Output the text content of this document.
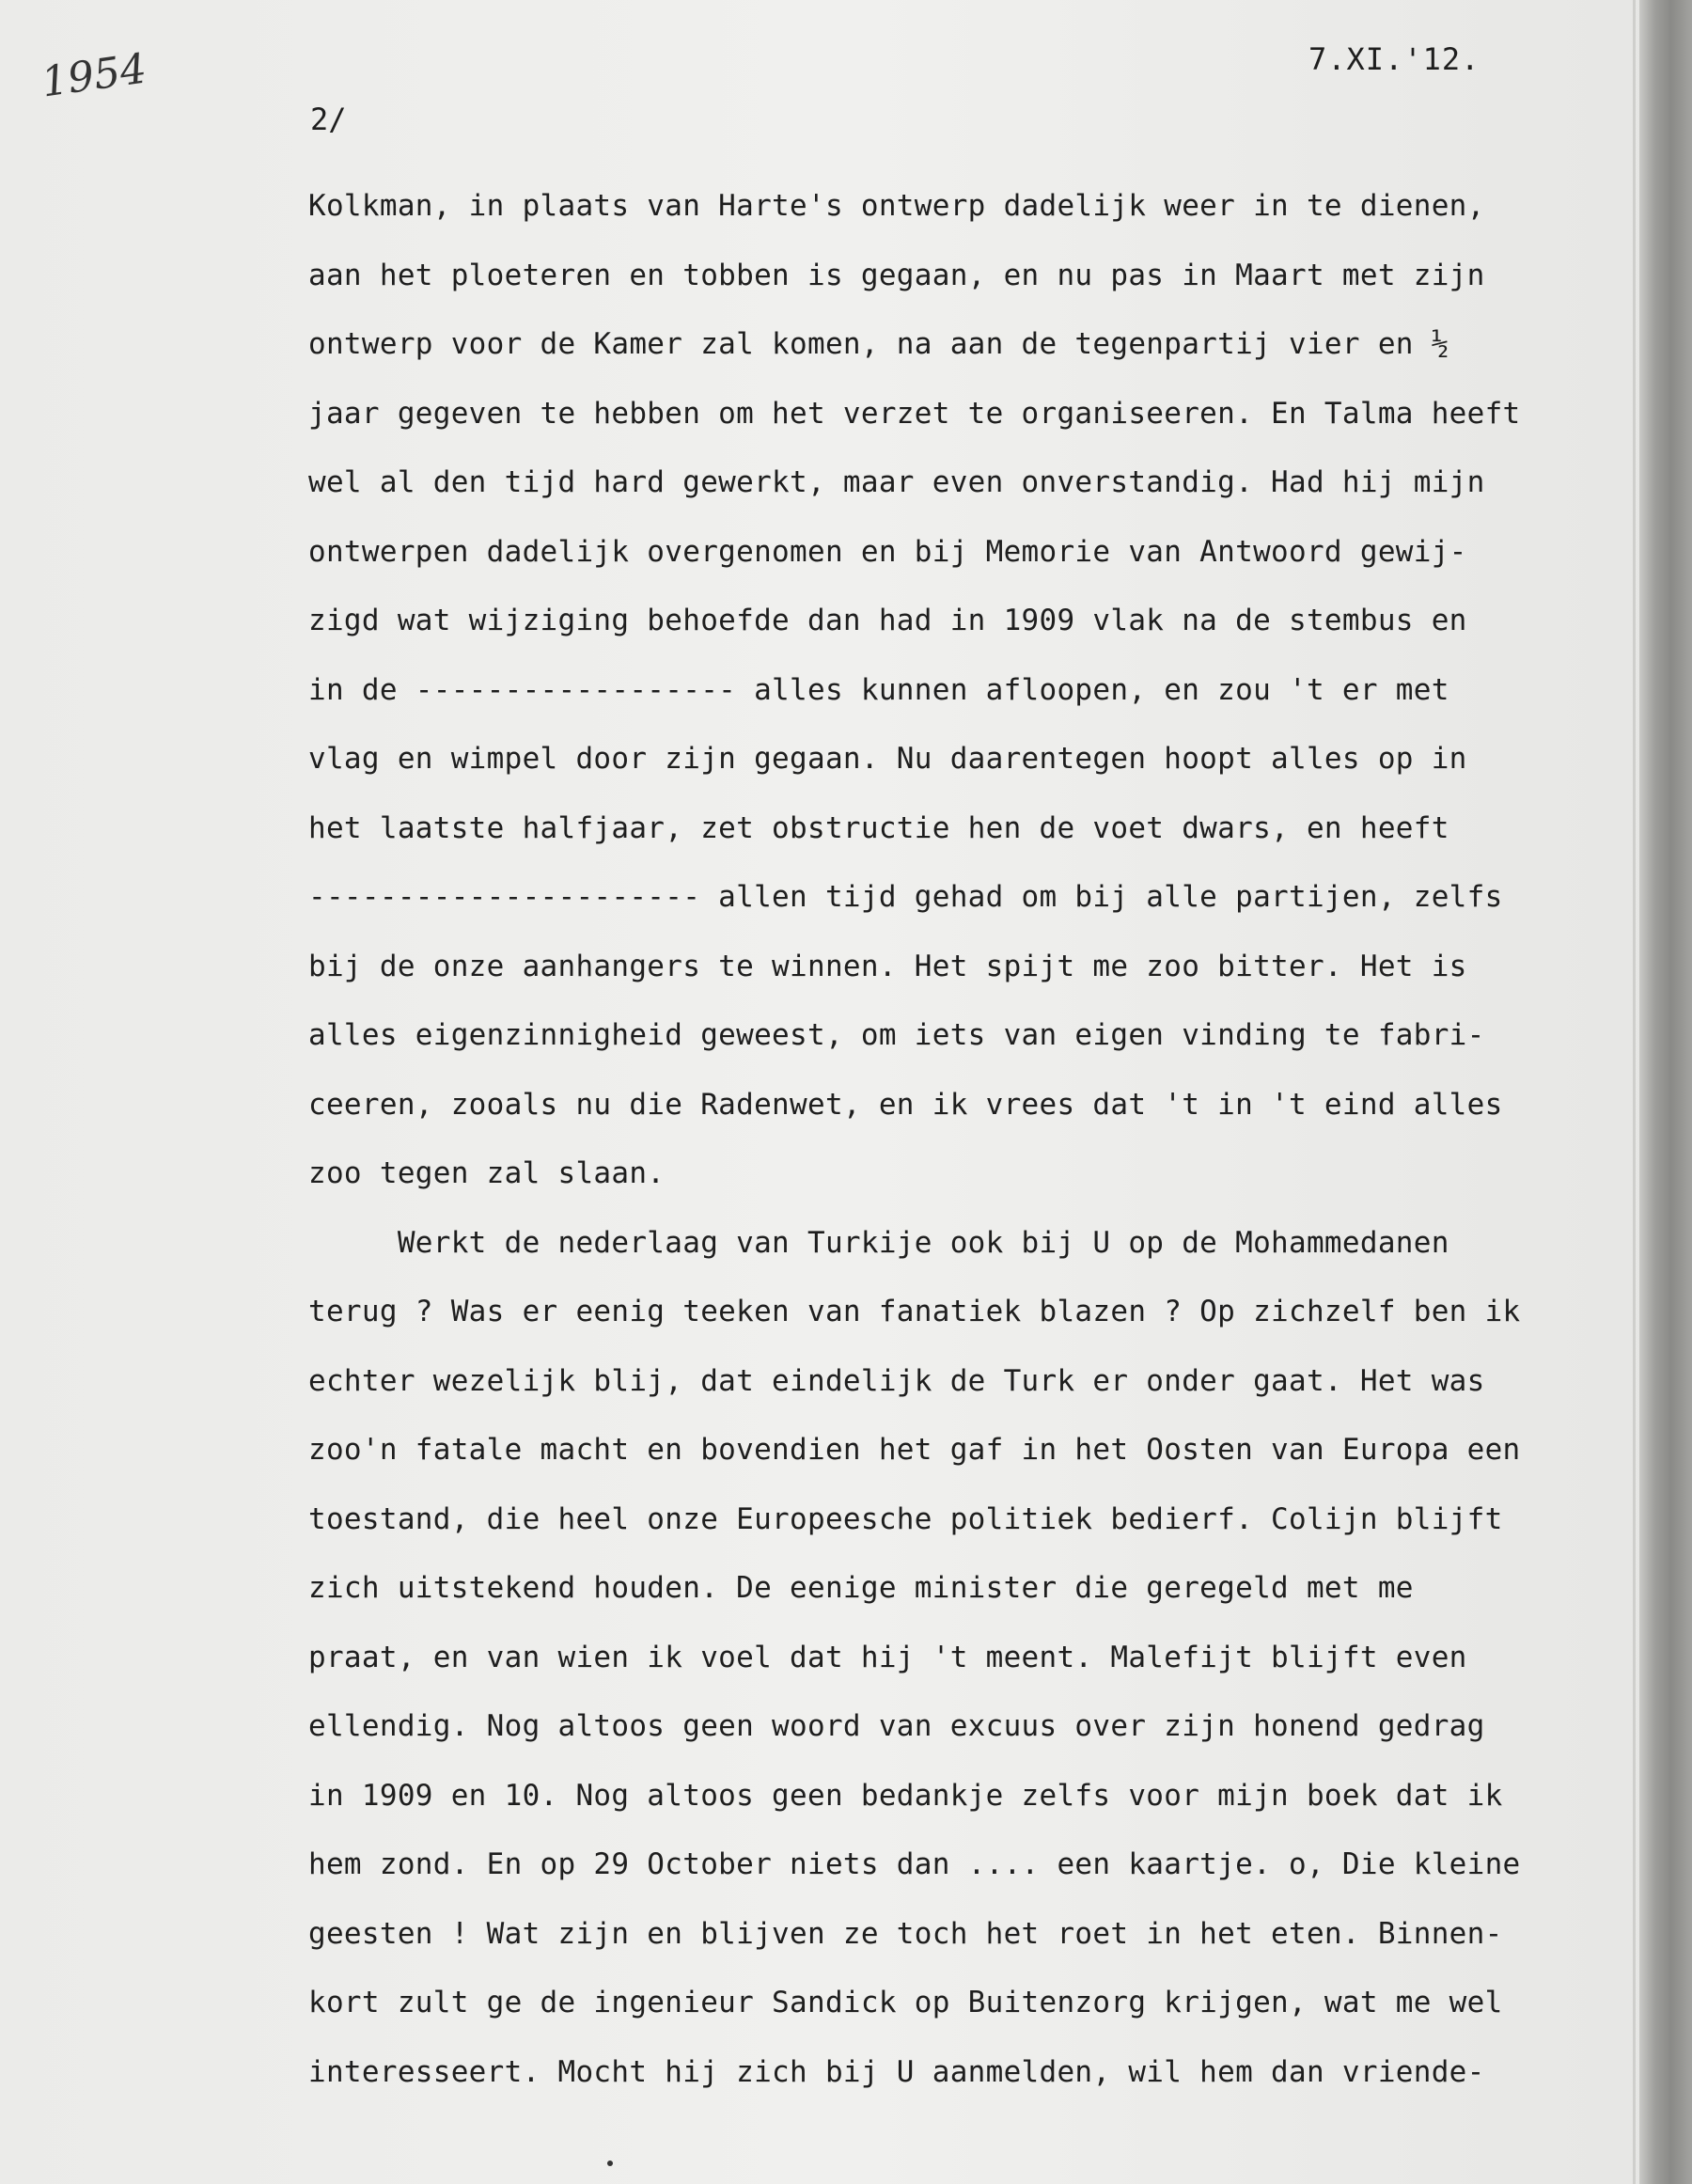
1954	7.XI.'12.
2/
Kolkman, in plaats van Harte's ontwerp dadelijk weer in te dienen,
aan het ploeteren en tobben is gegaan, en nu pas in Maart met zijn
ontwerp voor de Kamer zal komen, na aan de tegenpartij vier en ½
jaar gegeven te hebben om het verzet te organiseeren. En Talma heeft
wel al den tijd hard gewerkt, maar even onverstandig. Had hij mijn
ontwerpen dadelijk overgenomen en bij Memorie van Antwoord gewij-
zigd wat wijziging behoefde dan had in 1909 vlak na de stembus en
in de ------------------ alles kunnen afloopen, en zou 't er met
vlag en wimpel door zijn gegaan. Nu daarentegen hoopt alles op in
het laatste halfjaar, zet obstructie hen de voet dwars, en heeft
---------------------- allen tijd gehad om bij alle partijen, zelfs
bij de onze aanhangers te winnen. Het spijt me zoo bitter. Het is
alles eigenzinnigheid geweest, om iets van eigen vinding te fabri-
ceeren, zooals nu die Radenwet, en ik vrees dat 't in 't eind alles
zoo tegen zal slaan.
Werkt de nederlaag van Turkije ook bij U op de Mohammedanen
terug ? Was er eenig teeken van fanatiek blazen ? Op zichzelf ben ik
echter wezelijk blij, dat eindelijk de Turk er onder gaat. Het was
zoo'n fatale macht en bovendien het gaf in het Oosten van Europa een
toestand, die heel onze Europeesche politiek bedierf. Colijn blijft
zich uitstekend houden. De eenige minister die geregeld met me
praat, en van wien ik voel dat hij 't meent. Malefijt blijft even
ellendig. Nog altoos geen woord van excuus over zijn honend gedrag
in 1909 en 10. Nog altoos geen bedankje zelfs voor mijn boek dat ik
hem zond. En op 29 October niets dan .... een kaartje. o, Die kleine
geesten ! Wat zijn en blijven ze toch het roet in het eten. Binnen-
kort zult ge de ingenieur Sandick op Buitenzorg krijgen, wat me wel
interesseert. Mocht hij zich bij U aanmelden, wil hem dan vriende-
